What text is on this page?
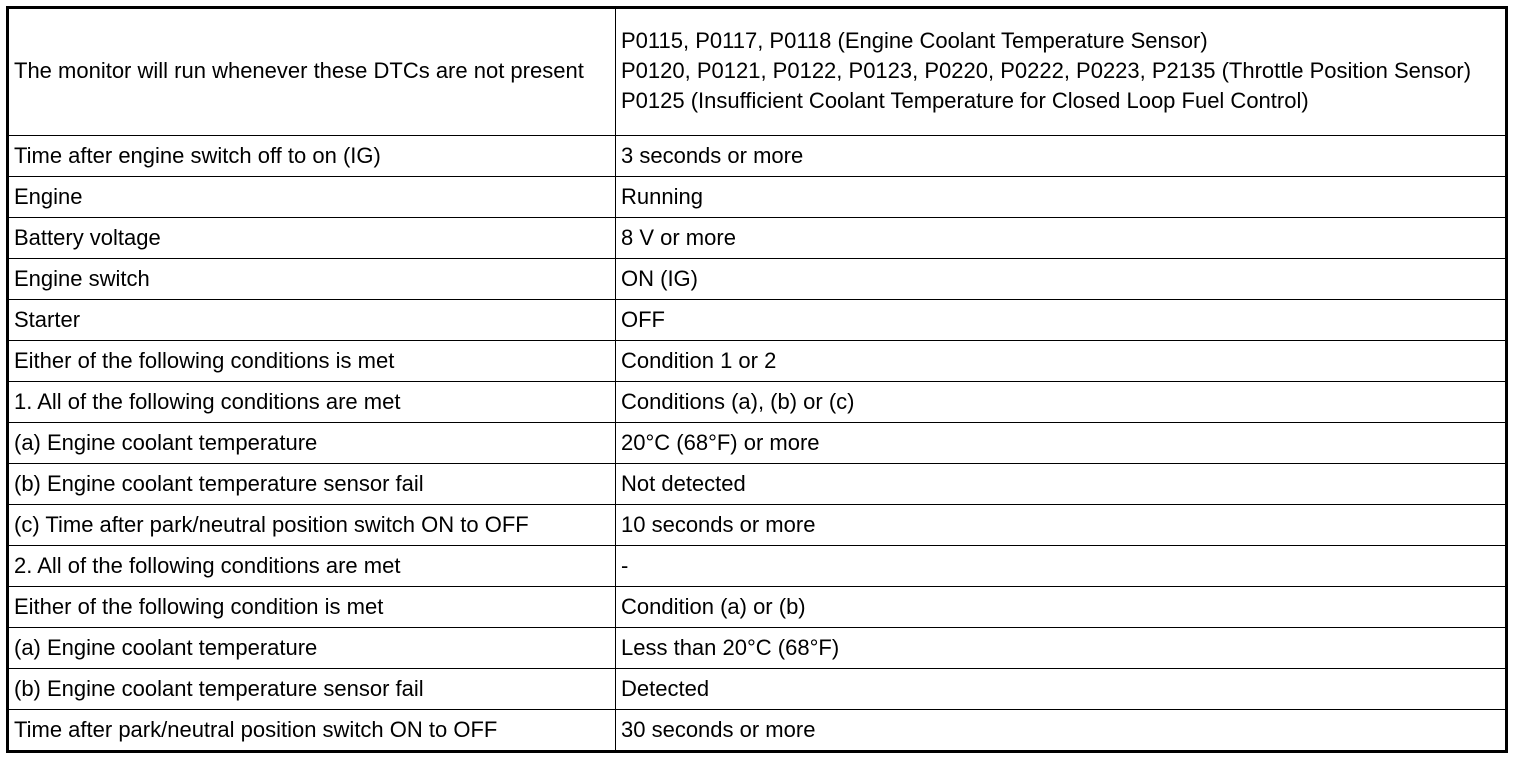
The monitor will run whenever these DTCs are not present	P0115, P0117, P0118 (Engine Coolant Temperature Sensor)
P0120, P0121, P0122, P0123, P0220, P0222, P0223, P2135 (Throttle Position Sensor)
P0125 (Insufficient Coolant Temperature for Closed Loop Fuel Control)

Time after engine switch off to on (IG)	3 seconds or more
Engine	Running
Battery voltage	8 V or more
Engine switch	ON (IG)
Starter	OFF
Either of the following conditions is met	Condition 1 or 2
1. All of the following conditions are met	Conditions (a), (b) or (c)
(a) Engine coolant temperature	20°C (68°F) or more
(b) Engine coolant temperature sensor fail	Not detected
(c) Time after park/neutral position switch ON to OFF	10 seconds or more
2. All of the following conditions are met	-
Either of the following condition is met	Condition (a) or (b)
(a) Engine coolant temperature	Less than 20°C (68°F)
(b) Engine coolant temperature sensor fail	Detected
Time after park/neutral position switch ON to OFF	30 seconds or more
